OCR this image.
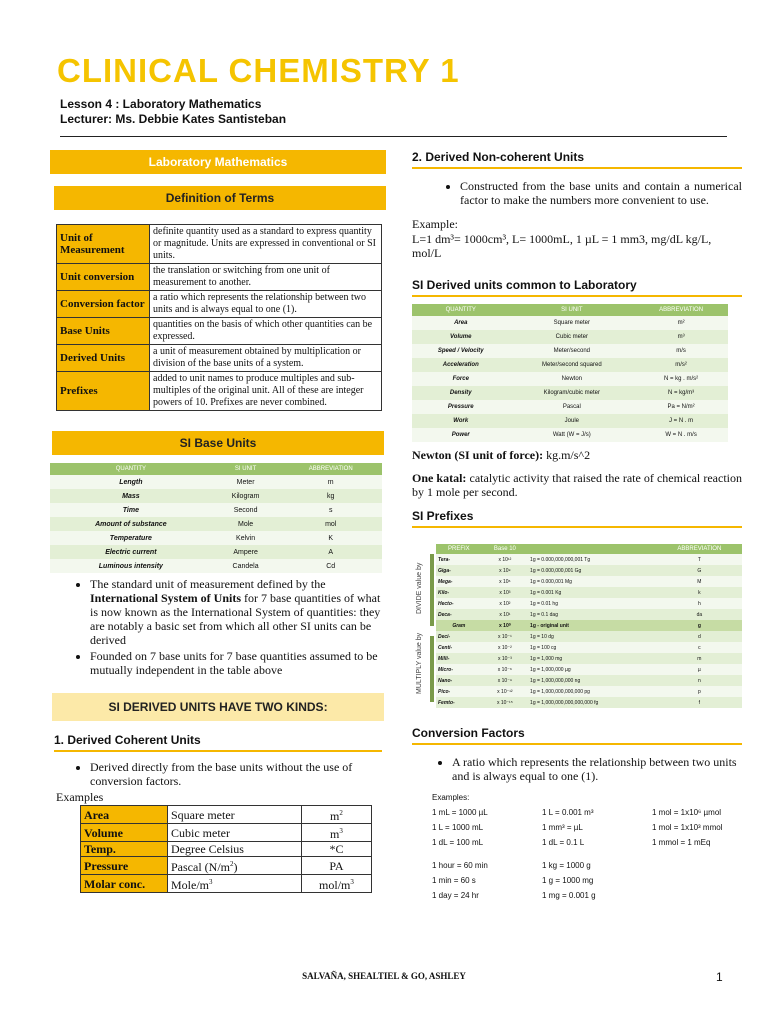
CLINICAL CHEMISTRY 1
Lesson 4 : Laboratory Mathematics
Lecturer: Ms. Debbie Kates Santisteban
Laboratory Mathematics
Definition of Terms
Unit of Measurement	definite quantity used as a standard to express quantity or magnitude. Units are expressed in conventional or SI units.
Unit conversion	the translation or switching from one unit of measurement to another.
Conversion factor	a ratio which represents the relationship between two units and is always equal to one (1).
Base Units	quantities on the basis of which other quantities can be expressed.
Derived Units	a unit of measurement obtained by multiplication or division of the base units of a system.
Prefixes	added to unit names to produce multiples and sub-multiples of the original unit. All of these are integer powers of 10. Prefixes are never combined.
SI Base Units
QUANTITY	SI UNIT	ABBREVIATION
Length	Meter	m
Mass	Kilogram	kg
Time	Second	s
Amount of substance	Mole	mol
Temperature	Kelvin	K
Electric current	Ampere	A
Luminous intensity	Candela	Cd
• The standard unit of measurement defined by the International System of Units for 7 base quantities of what is now known as the International System of quantities: they are notably a basic set from which all other SI units can be derived
• Founded on 7 base units for 7 base quantities assumed to be mutually independent in the table above
SI DERIVED UNITS HAVE TWO KINDS:
1. Derived Coherent Units
• Derived directly from the base units without the use of conversion factors.
Examples
Area	Square meter	$m^2$
Volume	Cubic meter	$m^3$
Temp.	Degree Celsius	*C
Pressure	Pascal $(N/m^2)$	PA
Molar conc.	Mole/$m^3$	mol/$m^3$
2. Derived Non-coherent Units
• Constructed from the base units and contain a numerical factor to make the numbers more convenient to use.
Example:
L=1 dm³= 1000cm³, L= 1000mL, 1 µL = 1 mm3, mg/dL kg/L, mol/L
SI Derived units common to Laboratory
QUANTITY	SI UNIT	ABBREVIATION
Area	Square meter	m²
Volume	Cubic meter	m³
Speed / Velocity	Meter/second	m/s
Acceleration	Meter/second squared	m/s²
Force	Newton	N = kg . m/s²
Density	Kilogram/cubic meter	N = kg/m³
Pressure	Pascal	Pa = N/m²
Work	Joule	J = N . m
Power	Watt (W = J/s)	W = N . m/s
Newton (SI unit of force): kg.m/s^2
One katal: catalytic activity that raised the rate of chemical reaction by 1 mole per second.
SI Prefixes
DIVIDE value by
MULTIPLY value by
PREFIX	Base 10		ABBREVIATION
Tera-	x 10¹²	1g = 0.000,000,000,001 Tg	T
Giga-	x 10⁹	1g = 0.000,000,001 Gg	G
Mega-	x 10⁶	1g = 0.000,001 Mg	M
Kilo-	x 10³	1g = 0.001 Kg	k
Hecto-	x 10²	1g = 0.01 hg	h
Deca-	x 10¹	1g = 0.1 dag	da
Gram	x 10⁰	1g - original unit	g
Deci-	x 10⁻¹	1g = 10 dg	d
Centi-	x 10⁻²	1g = 100 cg	c
Milli-	x 10⁻³	1g = 1,000 mg	m
Micro-	x 10⁻⁶	1g = 1,000,000 µg	µ
Nano-	x 10⁻⁹	1g = 1,000,000,000 ng	n
Pico-	x 10⁻¹²	1g = 1,000,000,000,000 pg	p
Femto-	x 10⁻¹⁵	1g = 1,000,000,000,000,000 fg	f
Conversion Factors
• A ratio which represents the relationship between two units and is always equal to one (1).
Examples:
1 mL = 1000 µL	1 L = 0.001 m³	1 mol = 1x10⁶ µmol
1 L = 1000 mL	1 mm³ = µL	1 mol = 1x10³ mmol
1 dL = 100 mL	1 dL = 0.1 L	1 mmol = 1 mEq
1 hour = 60 min	1 kg = 1000 g
1 min = 60 s	1 g = 1000 mg
1 day = 24 hr	1 mg = 0.001 g
SALVAÑA, SHEALTIEL & GO, ASHLEY	1
